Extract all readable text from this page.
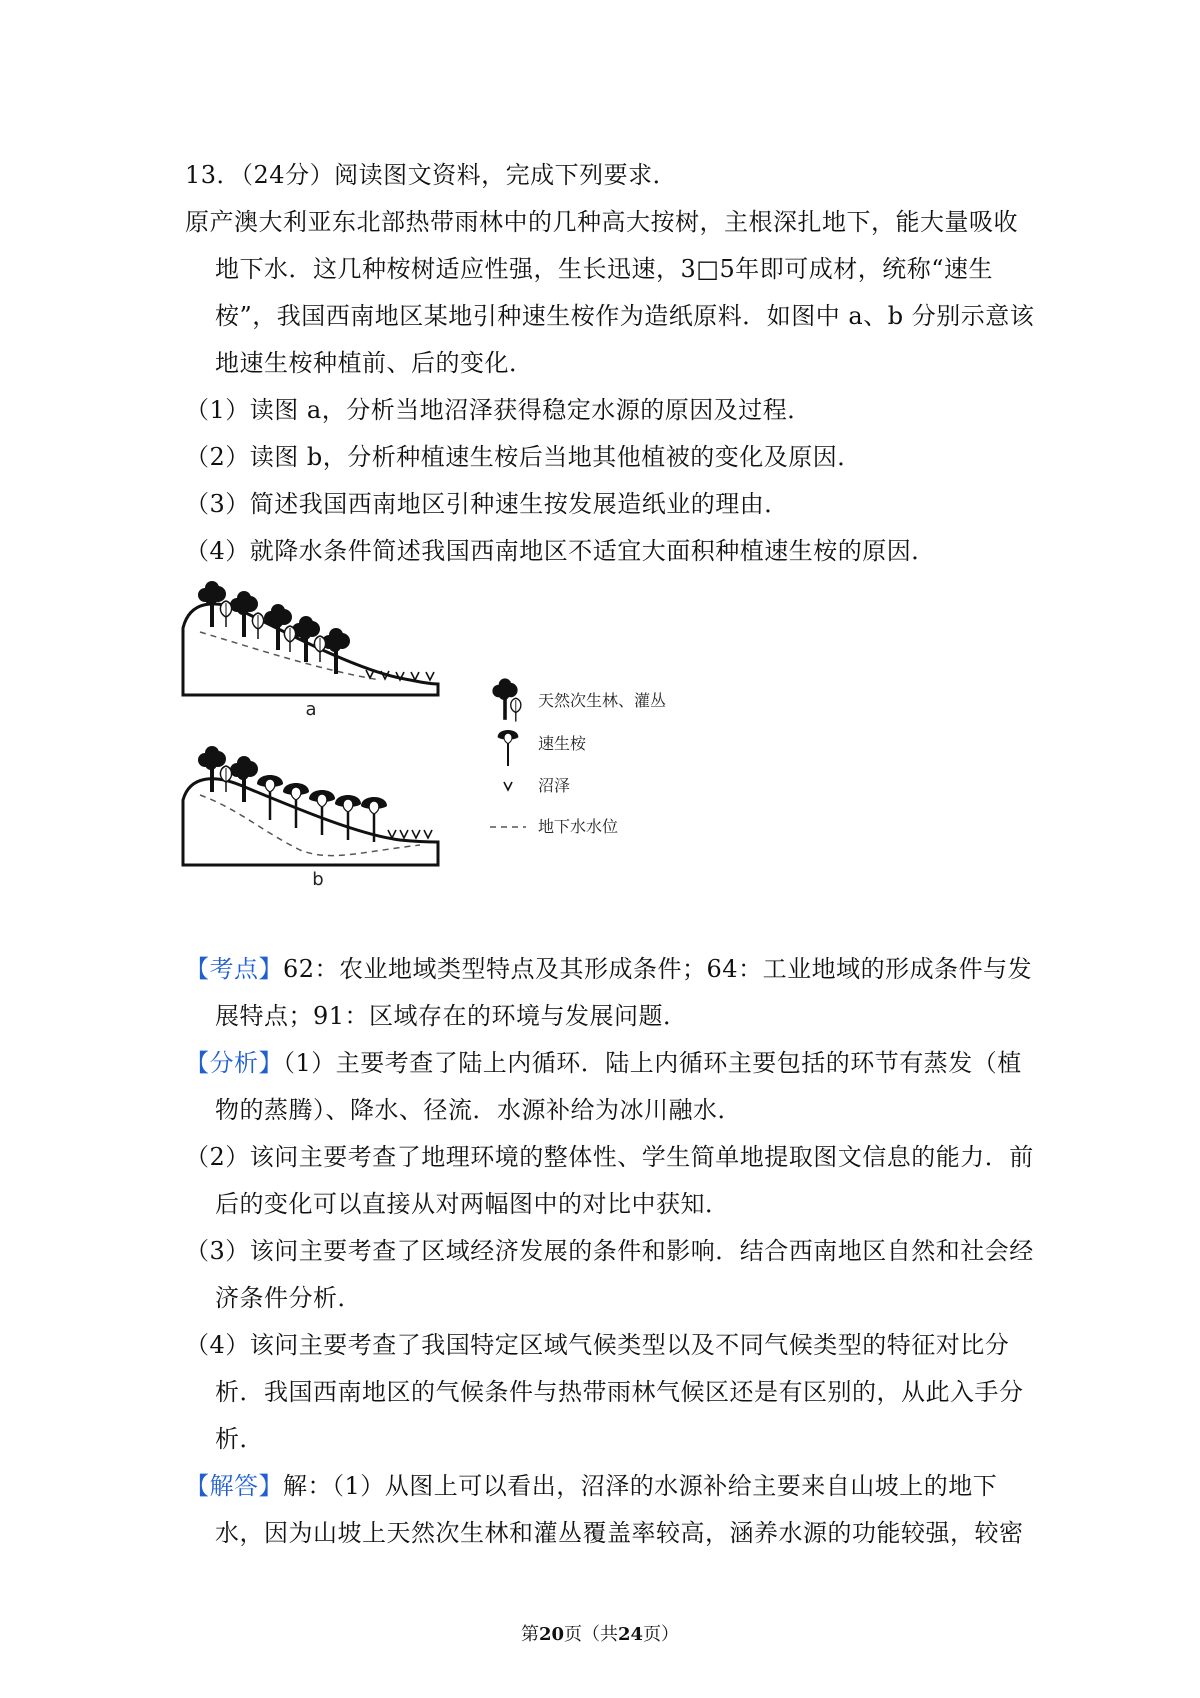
13．（24分）阅读图文资料，完成下列要求．
原产澳大利亚东北部热带雨林中的几种高大按树，主根深扎地下，能大量吸收
地下水．这几种桉树适应性强，生长迅速，3□5年即可成材，统称“速生
桉”，我国西南地区某地引种速生桉作为造纸原料．如图中 a、b 分别示意该
地速生桉种植前、后的变化．
（1）读图 a，分析当地沼泽获得稳定水源的原因及过程．
（2）读图 b，分析种植速生桉后当地其他植被的变化及原因．
（3）简述我国西南地区引种速生按发展造纸业的理由．
（4）就降水条件简述我国西南地区不适宜大面积种植速生桉的原因．
a
b
天然次生林、灌丛
速生桉
沼泽
地下水水位
【考点】62：农业地域类型特点及其形成条件；64：工业地域的形成条件与发
展特点；91：区域存在的环境与发展问题．
【分析】（1）主要考查了陆上内循环．陆上内循环主要包括的环节有蒸发（植
物的蒸腾）、降水、径流．水源补给为冰川融水．
（2）该问主要考查了地理环境的整体性、学生简单地提取图文信息的能力．前
后的变化可以直接从对两幅图中的对比中获知．
（3）该问主要考查了区域经济发展的条件和影响．结合西南地区自然和社会经
济条件分析．
（4）该问主要考查了我国特定区域气候类型以及不同气候类型的特征对比分
析．我国西南地区的气候条件与热带雨林气候区还是有区别的，从此入手分
析．
【解答】解：（1）从图上可以看出，沼泽的水源补给主要来自山坡上的地下
水，因为山坡上天然次生林和灌丛覆盖率较高，涵养水源的功能较强，较密
第20页（共24页）
